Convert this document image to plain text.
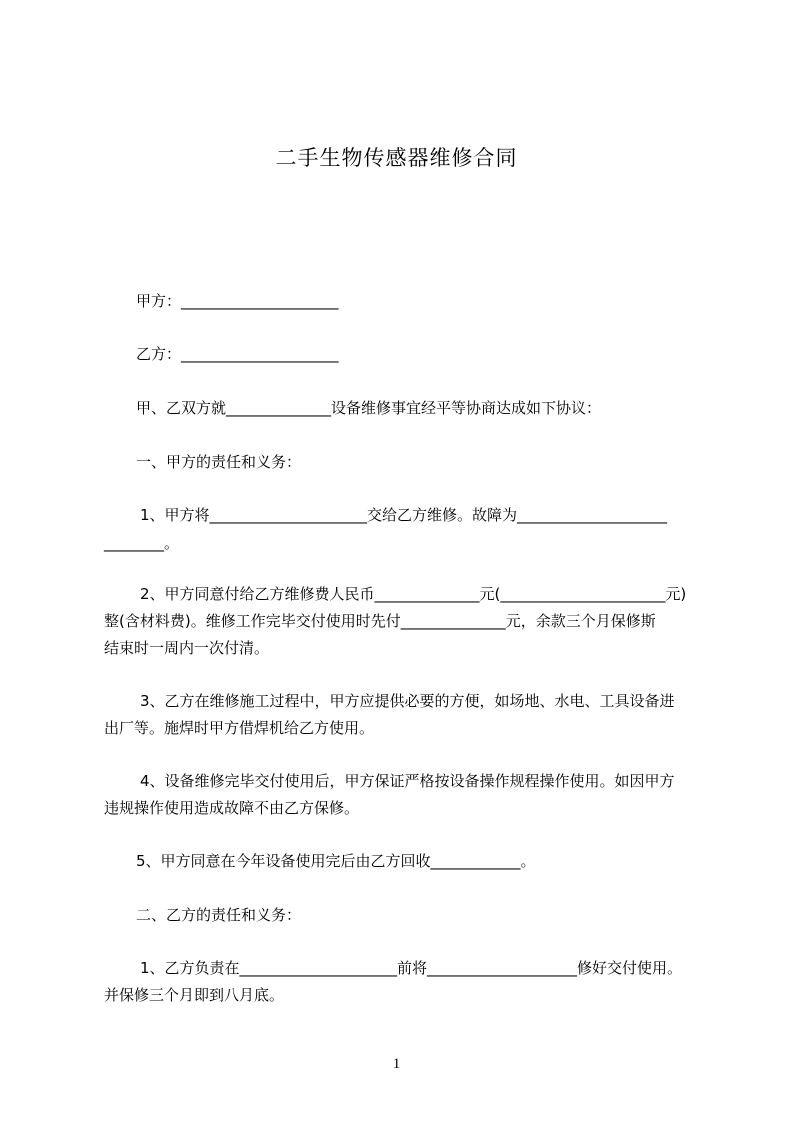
二手生物传感器维修合同
甲方：_____________________
乙方：_____________________
甲、乙双方就______________设备维修事宜经平等协商达成如下协议：
一、甲方的责任和义务：
1、甲方将_____________________交给乙方维修。故障为____________________
________。
2、甲方同意付给乙方维修费人民币______________元(______________________元)
整(含材料费)。维修工作完毕交付使用时先付______________元，余款三个月保修斯
结束时一周内一次付清。
3、乙方在维修施工过程中，甲方应提供必要的方便，如场地、水电、工具设备进
出厂等。施焊时甲方借焊机给乙方使用。
4、设备维修完毕交付使用后，甲方保证严格按设备操作规程操作使用。如因甲方
违规操作使用造成故障不由乙方保修。
5、甲方同意在今年设备使用完后由乙方回收____________。
二、乙方的责任和义务：
1、乙方负责在_____________________前将____________________修好交付使用。
并保修三个月即到八月底。
1
